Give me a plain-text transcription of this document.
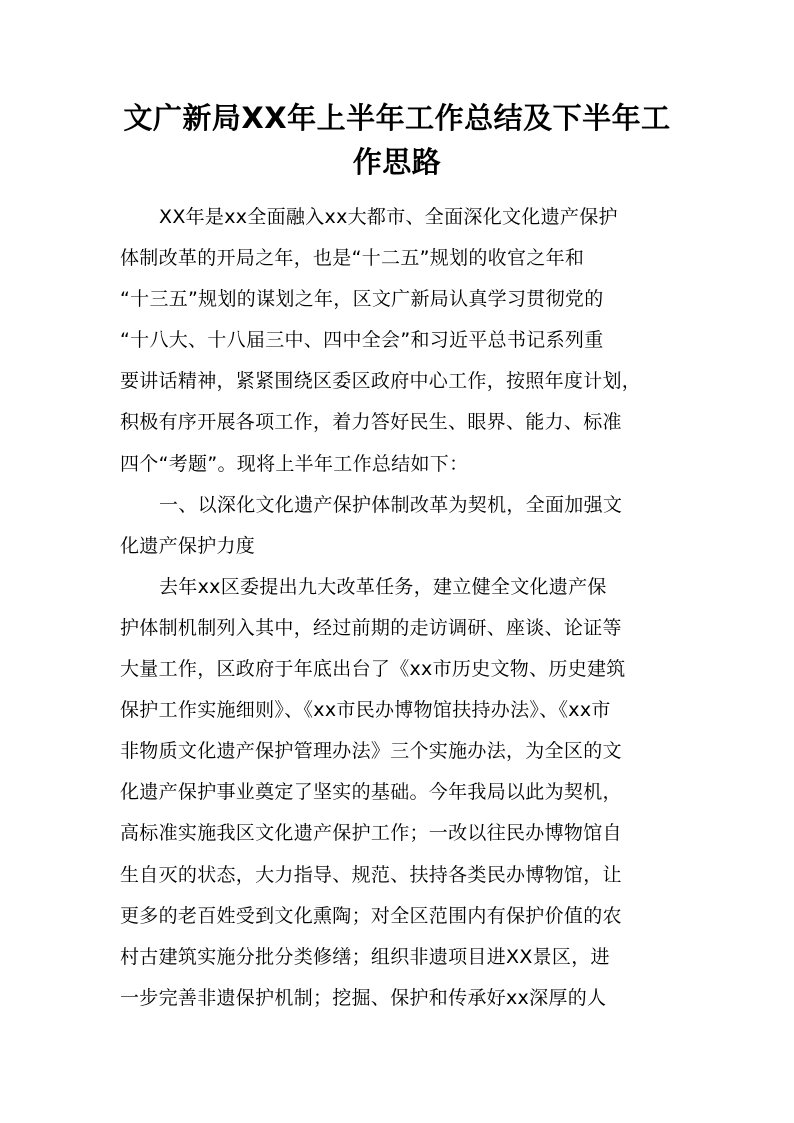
文广新局XX年上半年工作总结及下半年工
作思路
XX年是xx全面融入xx大都市、全面深化文化遗产保护
体制改革的开局之年，也是“十二五”规划的收官之年和
“十三五”规划的谋划之年，区文广新局认真学习贯彻党的
“十八大、十八届三中、四中全会”和习近平总书记系列重
要讲话精神，紧紧围绕区委区政府中心工作，按照年度计划，
积极有序开展各项工作，着力答好民生、眼界、能力、标准
四个“考题”。现将上半年工作总结如下：
一、以深化文化遗产保护体制改革为契机，全面加强文
化遗产保护力度
去年xx区委提出九大改革任务，建立健全文化遗产保
护体制机制列入其中，经过前期的走访调研、座谈、论证等
大量工作，区政府于年底出台了《xx市历史文物、历史建筑
保护工作实施细则》、《xx市民办博物馆扶持办法》、《xx市
非物质文化遗产保护管理办法》三个实施办法，为全区的文
化遗产保护事业奠定了坚实的基础。今年我局以此为契机，
高标准实施我区文化遗产保护工作；一改以往民办博物馆自
生自灭的状态，大力指导、规范、扶持各类民办博物馆，让
更多的老百姓受到文化熏陶；对全区范围内有保护价值的农
村古建筑实施分批分类修缮；组织非遗项目进XX景区，进
一步完善非遗保护机制；挖掘、保护和传承好xx深厚的人
